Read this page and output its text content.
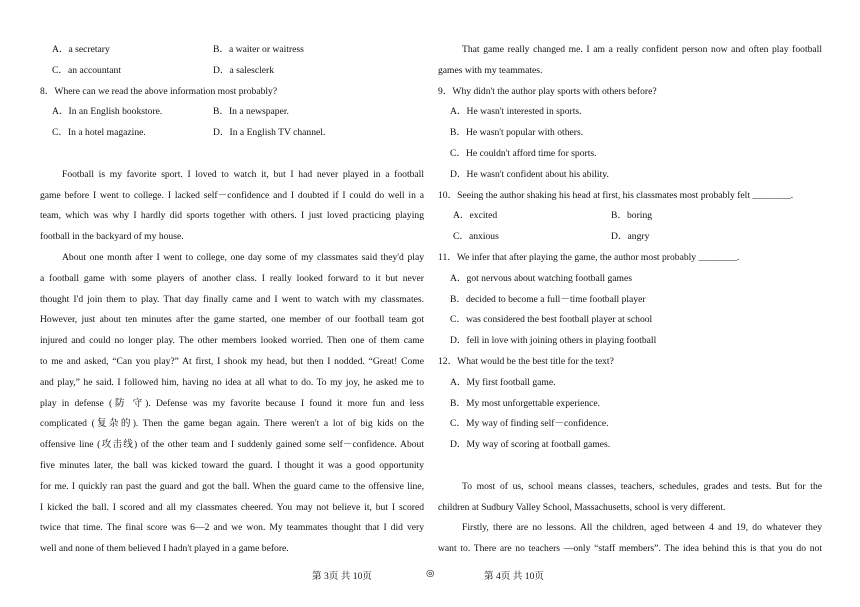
A．a secretary	B．a waiter or waitress
C．an accountant	D．a salesclerk
8．Where can we read the above information most probably?
A．In an English bookstore.	B．In a newspaper.
C．In a hotel magazine.	D．In a English TV channel.
Football is my favorite sport. I loved to watch it, but I had never played in a football
game before I went to college. I lacked self－confidence and I doubted if I could do well in a
team, which was why I hardly did sports together with others. I just loved practicing playing
football in the backyard of my house.
About one month after I went to college, one day some of my classmates said they'd play
a football game with some players of another class. I really looked forward to it but never
thought I'd join them to play. That day finally came and I went to watch with my classmates.
However, just about ten minutes after the game started, one member of our football team got
injured and could no longer play. The other members looked worried. Then one of them came
to me and asked, “Can you play?” At first, I shook my head, but then I nodded. “Great! Come
and play,” he said. I followed him, having no idea at all what to do. To my joy, he asked me to
play in defense (防 守). Defense was my favorite because I found it more fun and less
complicated (复杂的). Then the game began again. There weren't a lot of big kids on the
offensive line (攻击线) of the other team and I suddenly gained some self－confidence. About
five minutes later, the ball was kicked toward the guard. I thought it was a good opportunity
for me. I quickly ran past the guard and got the ball. When the guard came to the offensive line,
I kicked the ball. I scored and all my classmates cheered. You may not believe it, but I scored
twice that time. The final score was 6—2 and we won. My teammates thought that I did very
well and none of them believed I hadn't played in a game before.
That game really changed me. I am a really confident person now and often play football
games with my teammates.
9．Why didn't the author play sports with others before?
A．He wasn't interested in sports.
B．He wasn't popular with others.
C．He couldn't afford time for sports.
D．He wasn't confident about his ability.
10．Seeing the author shaking his head at first, his classmates most probably felt ________.
A．excited	B．boring
C．anxious	D．angry
11．We infer that after playing the game, the author most probably ________.
A．got nervous about watching football games
B．decided to become a full－time football player
C．was considered the best football player at school
D．fell in love with joining others in playing football
12．What would be the best title for the text?
A．My first football game.
B．My most unforgettable experience.
C．My way of finding self－confidence.
D．My way of scoring at football games.
To most of us, school means classes, teachers, schedules, grades and tests. But for the
children at Sudbury Valley School, Massachusetts, school is very different.
Firstly, there are no lessons. All the children, aged between 4 and 19, do whatever they
want to. There are no teachers —only “staff members”. The idea behind this is that you do not
第 3页 共 10页	◎	第 4页 共 10页
